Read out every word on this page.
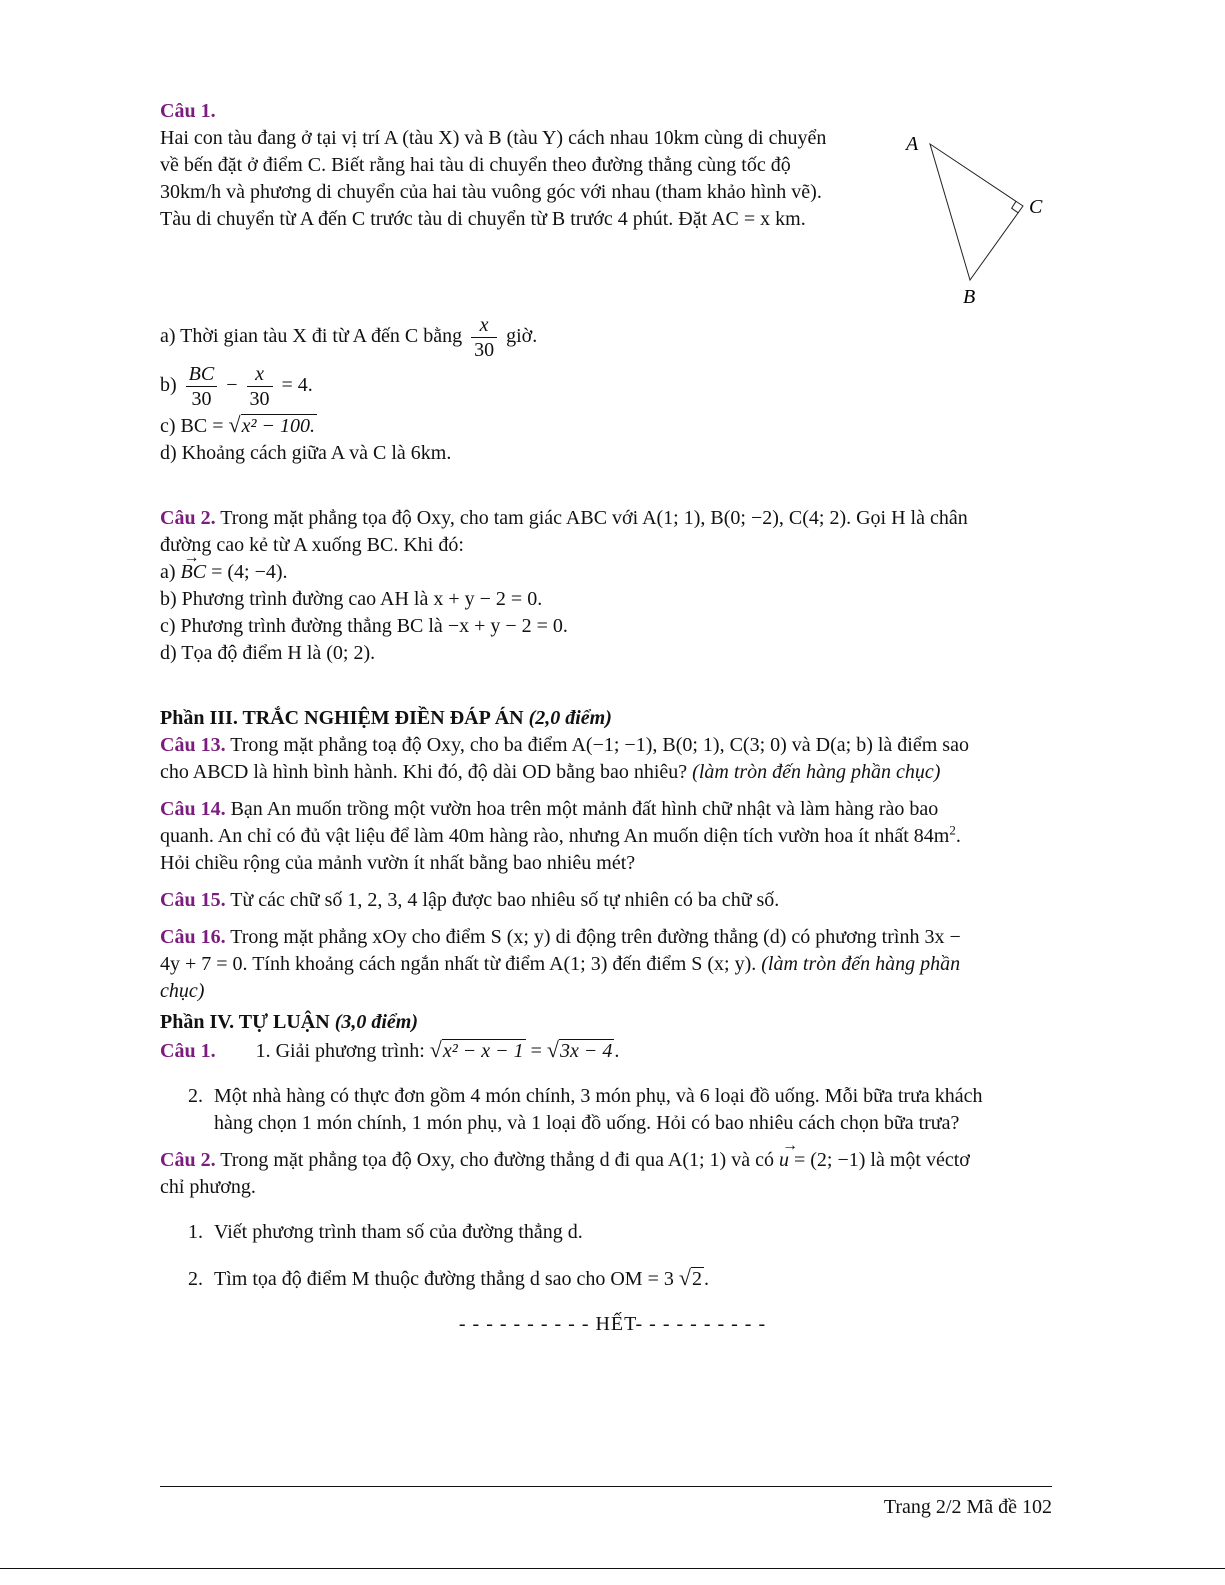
Câu 1.

Hai con tàu đang ở tại vị trí A (tàu X) và B (tàu Y) cách nhau 10km cùng di chuyển

về bến đặt ở điểm C. Biết rằng hai tàu di chuyển theo đường thẳng cùng tốc độ

30km/h và phương di chuyển của hai tàu vuông góc với nhau (tham khảo hình vẽ).

Tàu di chuyển từ A đến C trước tàu di chuyển từ B trước 4 phút. Đặt AC = x km.

a) Thời gian tàu X đi từ A đến C bằng $\frac{x}{30}$ giờ.

$b) \frac{BC}{30} - \frac{x}{30} = 4$.

c) BC = √x² − 100.

d) Khoảng cách giữa A và C là 6km.

Câu 2. Trong mặt phẳng tọa độ Oxy, cho tam giác ABC với A(1; 1), B(0; −2), C(4; 2). Gọi H là chân

đường cao kẻ từ A xuống BC. Khi đó:

a) BC → = (4; −4).

b) Phương trình đường cao AH là x + y − 2 = 0.

c) Phương trình đường thẳng BC là −x + y − 2 = 0.

d) Tọa độ điểm H là (0; 2).

Phần III. TRẮC NGHIỆM ĐIỀN ĐÁP ÁN (2,0 điểm)

Câu 13. Trong mặt phẳng toạ độ Oxy, cho ba điểm A(−1; −1), B(0; 1), C(3; 0) và D(a; b) là điểm sao

cho ABCD là hình bình hành. Khi đó, độ dài OD bằng bao nhiêu? (làm tròn đến hàng phần chục)

Câu 14. Bạn An muốn trồng một vườn hoa trên một mảnh đất hình chữ nhật và làm hàng rào bao

quanh. An chỉ có đủ vật liệu để làm 40m hàng rào, nhưng An muốn diện tích vườn hoa ít nhất $84m^2$.

Hỏi chiều rộng của mảnh vườn ít nhất bằng bao nhiêu mét?

Câu 15. Từ các chữ số 1, 2, 3, 4 lập được bao nhiêu số tự nhiên có ba chữ số.

Câu 16. Trong mặt phẳng xOy cho điểm S (x; y) di động trên đường thẳng (d) có phương trình 3x −

4y + 7 = 0. Tính khoảng cách ngắn nhất từ điểm A(1; 3) đến điểm S (x; y). (làm tròn đến hàng phần

chục)

Phần IV. TỰ LUẬN (3,0 điểm)

Câu 1. 1. Giải phương trình: √x² − x − 1 = √3x − 4 .

2. Một nhà hàng có thực đơn gồm 4 món chính, 3 món phụ, và 6 loại đồ uống. Mỗi bữa trưa khách

hàng chọn 1 món chính, 1 món phụ, và 1 loại đồ uống. Hỏi có bao nhiêu cách chọn bữa trưa?

Câu 2. Trong mặt phẳng tọa độ Oxy, cho đường thẳng d đi qua A(1; 1) và có u → = (2; −1) là một véctơ

chỉ phương.

1. Viết phương trình tham số của đường thẳng d.

2. Tìm tọa độ điểm M thuộc đường thẳng d sao cho OM = 3 √2 .

- - - - - - - - - - HẾT- - - - - - - - - -

A
C
B
Trang 2/2 Mã đề 102
